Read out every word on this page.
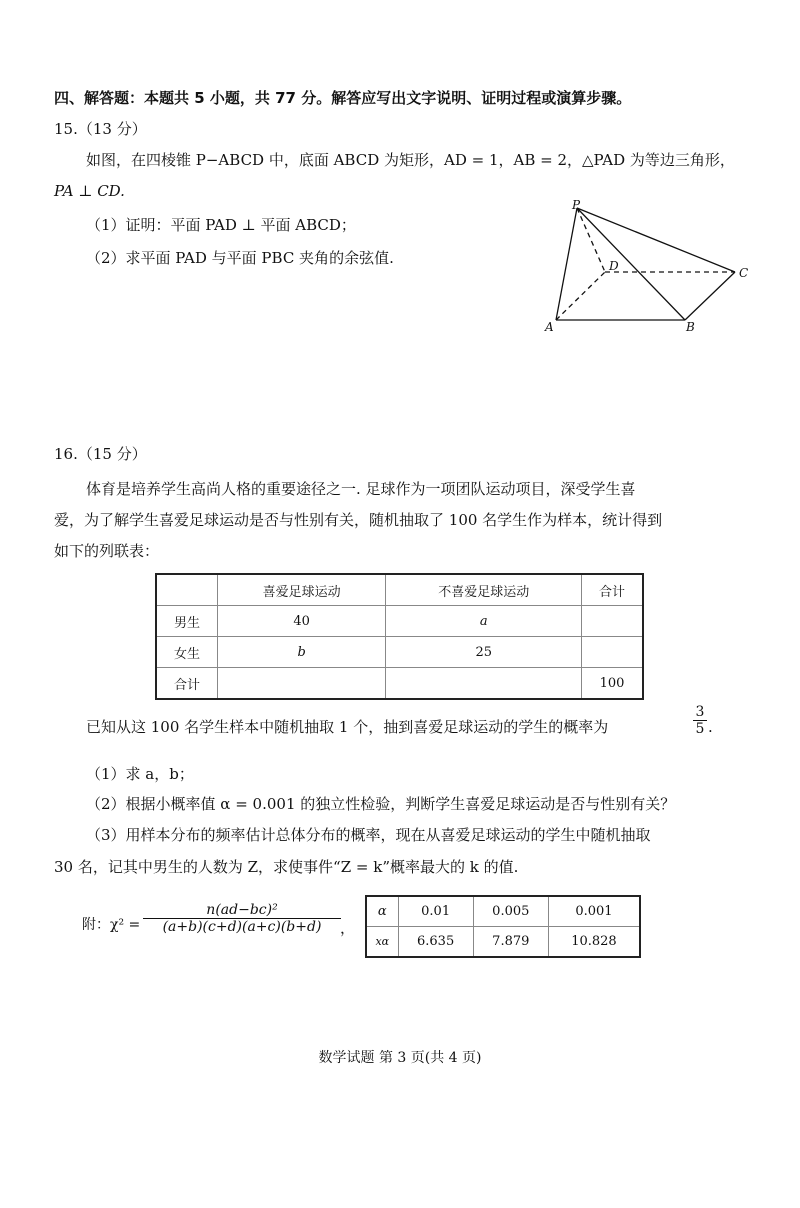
四、解答题：本题共 5 小题，共 77 分。解答应写出文字说明、证明过程或演算步骤。
15.（13 分）
如图，在四棱锥 P−ABCD 中，底面 ABCD 为矩形，AD = 1，AB = 2，△PAD 为等边三角形，
PA ⊥ CD.
（1）证明：平面 PAD ⊥ 平面 ABCD；
（2）求平面 PAD 与平面 PBC 夹角的余弦值.
P
D	C
A	B
16.（15 分）
体育是培养学生高尚人格的重要途径之一. 足球作为一项团队运动项目，深受学生喜
爱，为了解学生喜爱足球运动是否与性别有关，随机抽取了 100 名学生作为样本，统计得到
如下的列联表：
	喜爱足球运动	不喜爱足球运动	合计
男生	40	a	
女生	b	25	
合计			100
已知从这 100 名学生样本中随机抽取 1 个，抽到喜爱足球运动的学生的概率为	$\frac{3}{5}$ .
（1）求 a，b；
（2）根据小概率值 α = 0.001 的独立性检验，判断学生喜爱足球运动是否与性别有关？
（3）用样本分布的频率估计总体分布的概率，现在从喜爱足球运动的学生中随机抽取
30 名，记其中男生的人数为 Z，求使事件“Z = k”概率最大的 k 的值.
附：$\chi^2 = \frac{\text{n(ad−bc)²}}{(a+b)(c+d)(a+c)(b+d)}$ ，
α	0.01	0.005	0.001
xα	6.635	7.879	10.828
数学试题 第 3 页(共 4 页)
